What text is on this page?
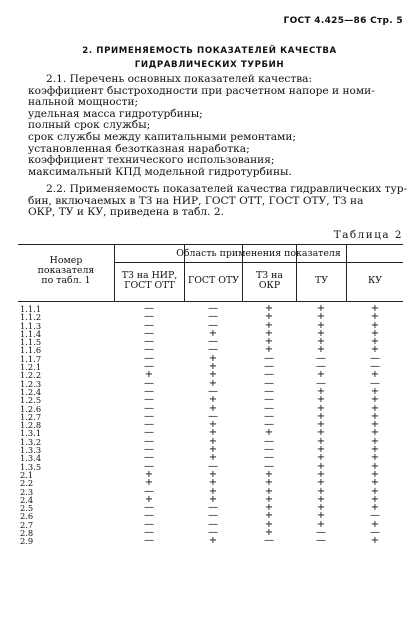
ГОСТ 4.425—86 Стр. 5
2. ПРИМЕНЯЕМОСТЬ ПОКАЗАТЕЛЕЙ КАЧЕСТВА
ГИДРАВЛИЧЕСКИХ ТУРБИН
2.1. Перечень основных показателей качества:
коэффициент быстроходности при расчетном напоре и номи-
нальной мощности;
удельная масса гидротурбины;
полный срок службы;
срок службы между капитальными ремонтами;
установленная безотказная наработка;
коэффициент технического использования;
максимальный КПД модельной гидротурбины.
2.2. Применяемость показателей качества гидравлических тур-
бин, включаемых в ТЗ на НИР, ГОСТ ОТТ, ГОСТ ОТУ, ТЗ на
ОКР, ТУ и КУ, приведена в табл. 2.
Таблица 2
Номер
показателя
по табл. 1
Область применения показателя
ТЗ на НИР,
ГОСТ ОТТ	ГОСТ ОТУ	ТЗ на
ОКР	ТУ	КУ
1.1.1	—	—	+	+	+
1.1.2	—	—	+	+	+
1.1.3	—	—	+	+	+
1.1.4	—	+	+	+	+
1.1.5	—	—	+	+	+
1.1.6	—	—	+	+	+
1.1.7	—	+	—	—	—
1.2.1	—	+	—	—	—
1.2.2	+	+	—	+	+
1.2.3	—	+	—	—	—
1.2.4	—	—	—	+	+
1.2.5	—	+	—	+	+
1.2.6	—	+	—	+	+
1.2.7	—	—	—	+	+
1.2.8	—	+	—	+	+
1.3.1	—	+	+	+	+
1.3.2	—	+	—	+	+
1.3.3	—	+	—	+	+
1.3.4	—	+	—	+	+
1.3.5	—	—	—	+	+
2.1	+	+	+	+	+
2.2	+	+	+	+	+
2.3	—	+	+	+	+
2.4	+	+	+	+	+
2.5	—	—	+	+	+
2.6	—	—	+	+	—
2.7	—	—	+	+	+
2.8	—	—	+	—	—
2.9	—	+	—	—	+
